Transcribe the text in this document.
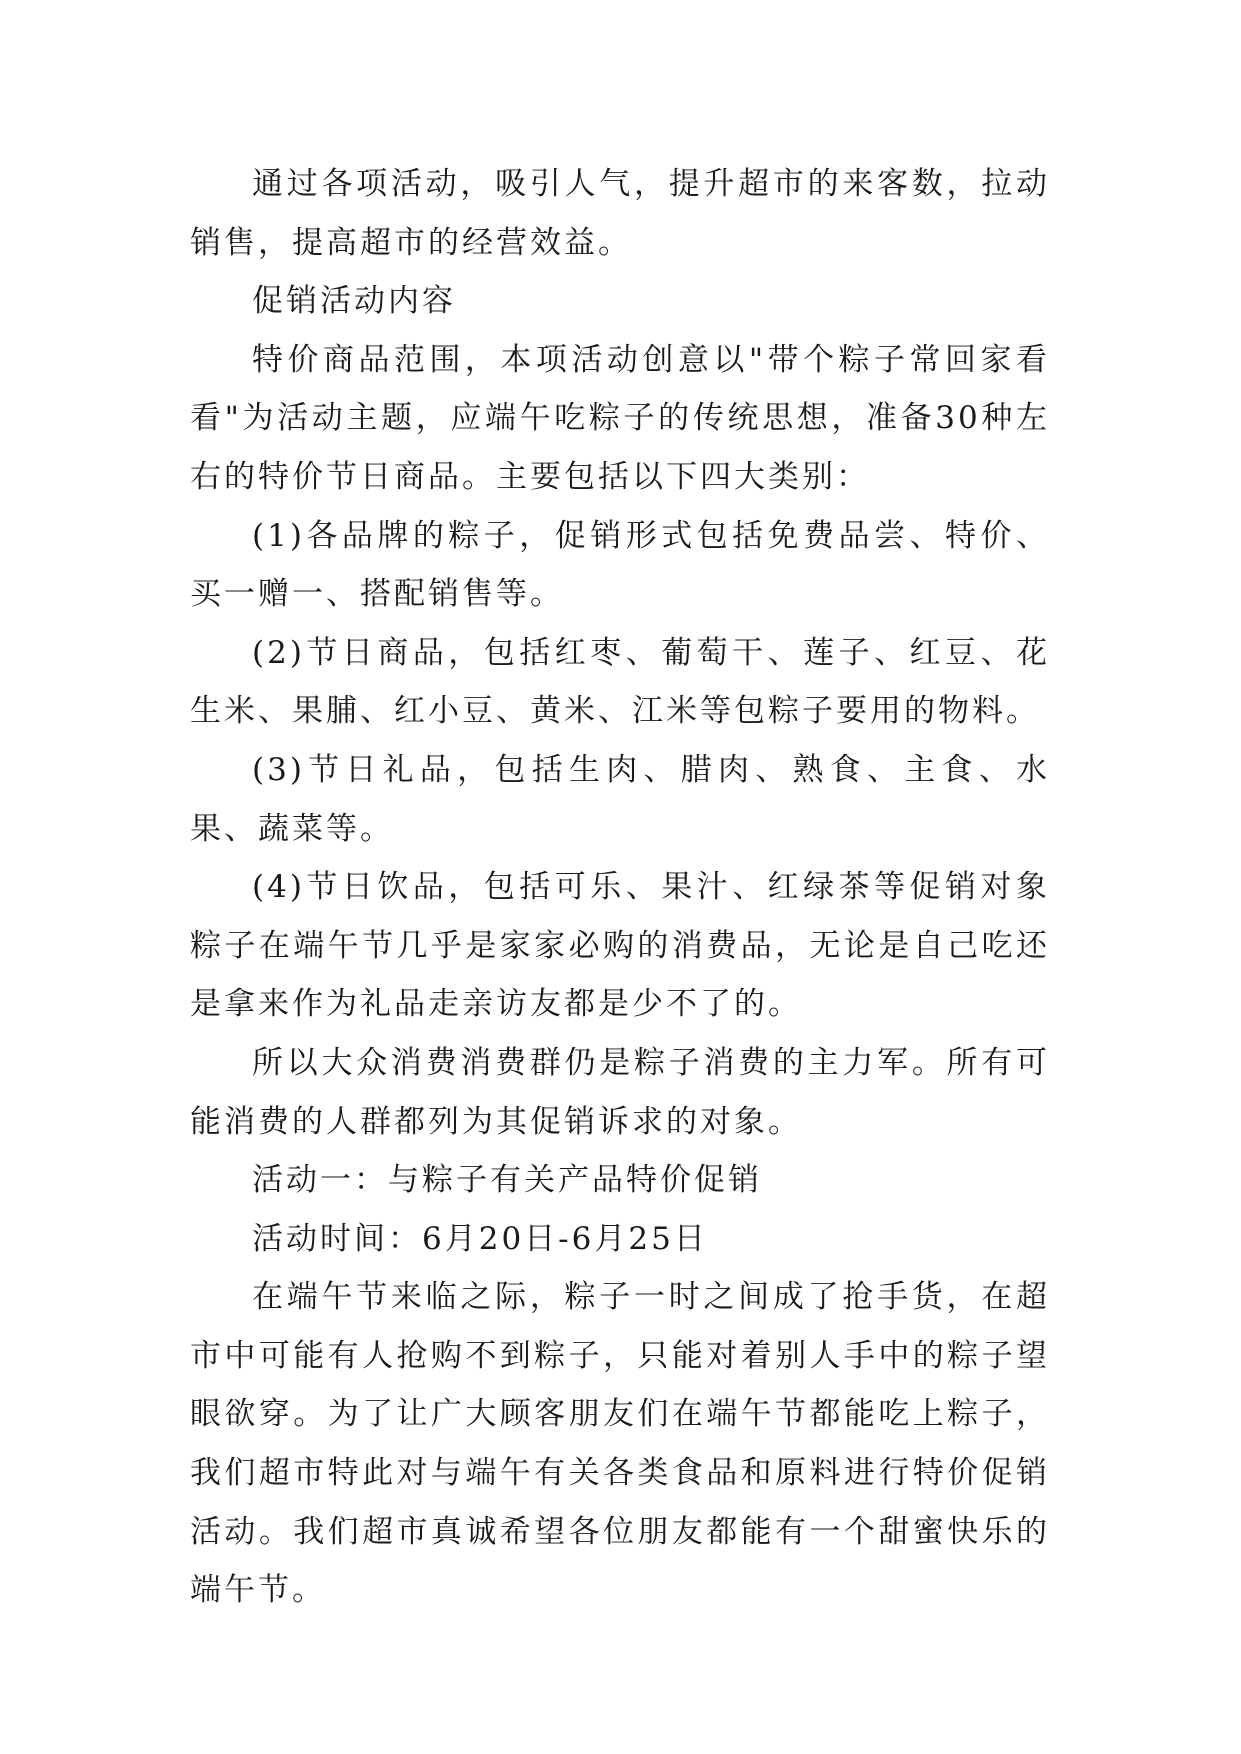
通过各项活动，吸引人气，提升超市的来客数，拉动销售，提高超市的经营效益。

促销活动内容

特价商品范围，本项活动创意以"带个粽子常回家看看"为活动主题，应端午吃粽子的传统思想，准备30种左右的特价节日商品。主要包括以下四大类别：

(1)各品牌的粽子，促销形式包括免费品尝、特价、买一赠一、搭配销售等。

(2)节日商品，包括红枣、葡萄干、莲子、红豆、花生米、果脯、红小豆、黄米、江米等包粽子要用的物料。

(3)节日礼品，包括生肉、腊肉、熟食、主食、水果、蔬菜等。

(4)节日饮品，包括可乐、果汁、红绿茶等促销对象粽子在端午节几乎是家家必购的消费品，无论是自己吃还是拿来作为礼品走亲访友都是少不了的。

所以大众消费消费群仍是粽子消费的主力军。所有可能消费的人群都列为其促销诉求的对象。

活动一：与粽子有关产品特价促销

活动时间：6月20日-6月25日

在端午节来临之际，粽子一时之间成了抢手货，在超市中可能有人抢购不到粽子，只能对着别人手中的粽子望眼欲穿。为了让广大顾客朋友们在端午节都能吃上粽子，我们超市特此对与端午有关各类食品和原料进行特价促销活动。我们超市真诚希望各位朋友都能有一个甜蜜快乐的端午节。
